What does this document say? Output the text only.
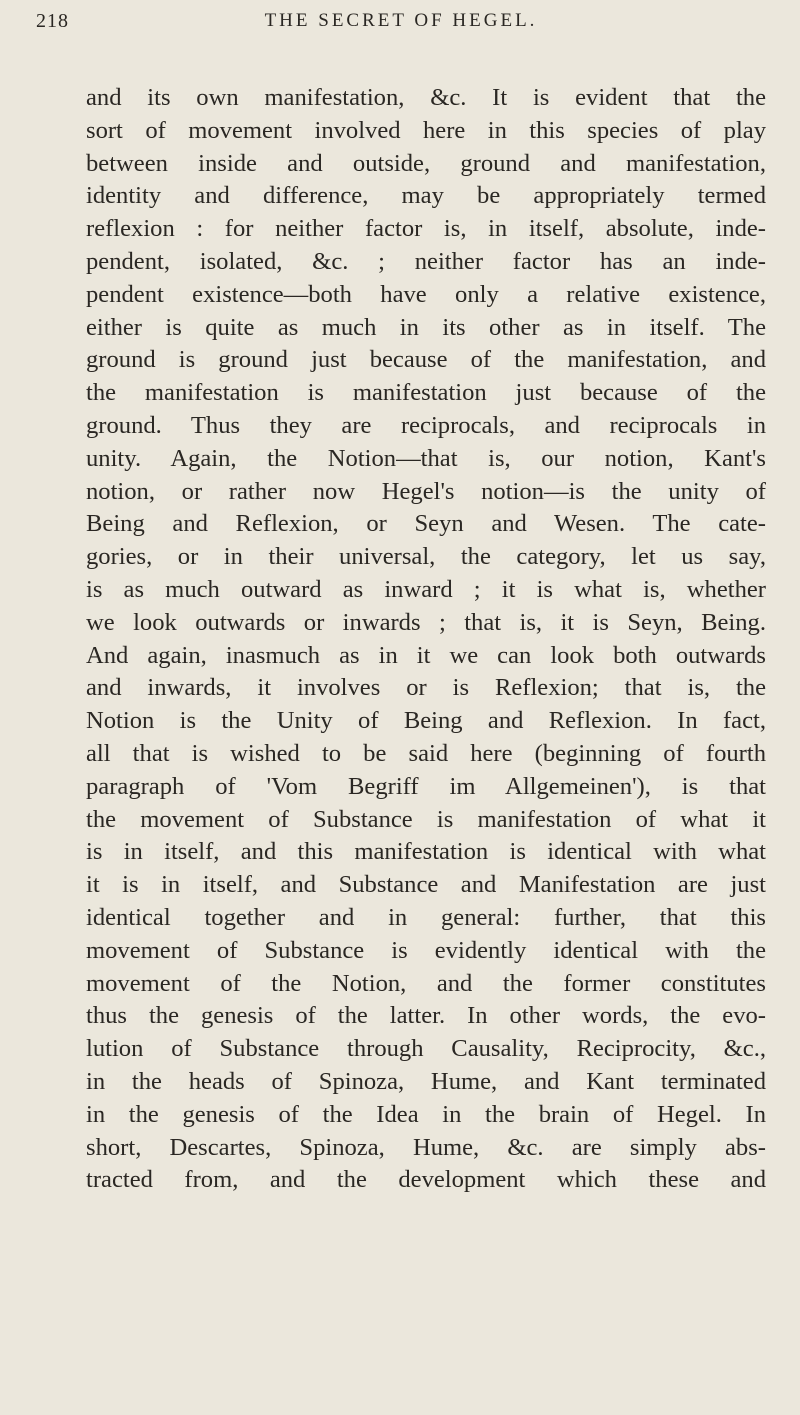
218	THE SECRET OF HEGEL.
and its own manifestation, &c. It is evident that the
sort of movement involved here in this species of play
between inside and outside, ground and manifestation,
identity and difference, may be appropriately termed
reflexion : for neither factor is, in itself, absolute, inde-
pendent, isolated, &c. ; neither factor has an inde-
pendent existence—both have only a relative existence,
either is quite as much in its other as in itself. The
ground is ground just because of the manifestation, and
the manifestation is manifestation just because of the
ground. Thus they are reciprocals, and reciprocals in
unity. Again, the Notion—that is, our notion, Kant's
notion, or rather now Hegel's notion—is the unity of
Being and Reflexion, or Seyn and Wesen. The cate-
gories, or in their universal, the category, let us say,
is as much outward as inward ; it is what is, whether
we look outwards or inwards ; that is, it is Seyn, Being.
And again, inasmuch as in it we can look both outwards
and inwards, it involves or is Reflexion; that is, the
Notion is the Unity of Being and Reflexion. In fact,
all that is wished to be said here (beginning of fourth
paragraph of 'Vom Begriff im Allgemeinen'), is that
the movement of Substance is manifestation of what it
is in itself, and this manifestation is identical with what
it is in itself, and Substance and Manifestation are just
identical together and in general: further, that this
movement of Substance is evidently identical with the
movement of the Notion, and the former constitutes
thus the genesis of the latter. In other words, the evo-
lution of Substance through Causality, Reciprocity, &c.,
in the heads of Spinoza, Hume, and Kant terminated
in the genesis of the Idea in the brain of Hegel. In
short, Descartes, Spinoza, Hume, &c. are simply abs-
tracted from, and the development which these and
